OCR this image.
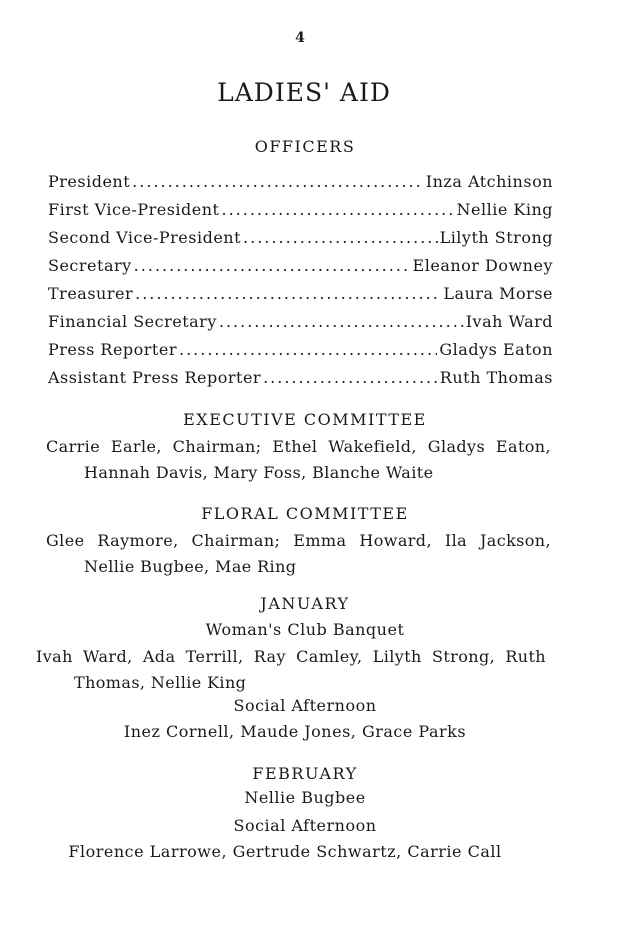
4
LADIES' AID
OFFICERS
President .....	Inza Atchinson
First Vice-President .....	Nellie King
Second Vice-President .....	Lilyth Strong
Secretary .....	Eleanor Downey
Treasurer .....	Laura Morse
Financial Secretary .....	Ivah Ward
Press Reporter .....	Gladys Eaton
Assistant Press Reporter .....	Ruth Thomas
EXECUTIVE COMMITTEE

Carrie Earle, Chairman; Ethel Wakefield, Gladys Eaton, Hannah Davis, Mary Foss, Blanche Waite

FLORAL COMMITTEE

Glee Raymore, Chairman; Emma Howard, Ila Jackson, Nellie Bugbee, Mae Ring

JANUARY
Woman's Club Banquet

Ivah Ward, Ada Terrill, Ray Camley, Lilyth Strong, Ruth Thomas, Nellie King

Social Afternoon
Inez Cornell, Maude Jones, Grace Parks
FEBRUARY
Nellie Bugbee
Social Afternoon
Florence Larrowe, Gertrude Schwartz, Carrie Call
